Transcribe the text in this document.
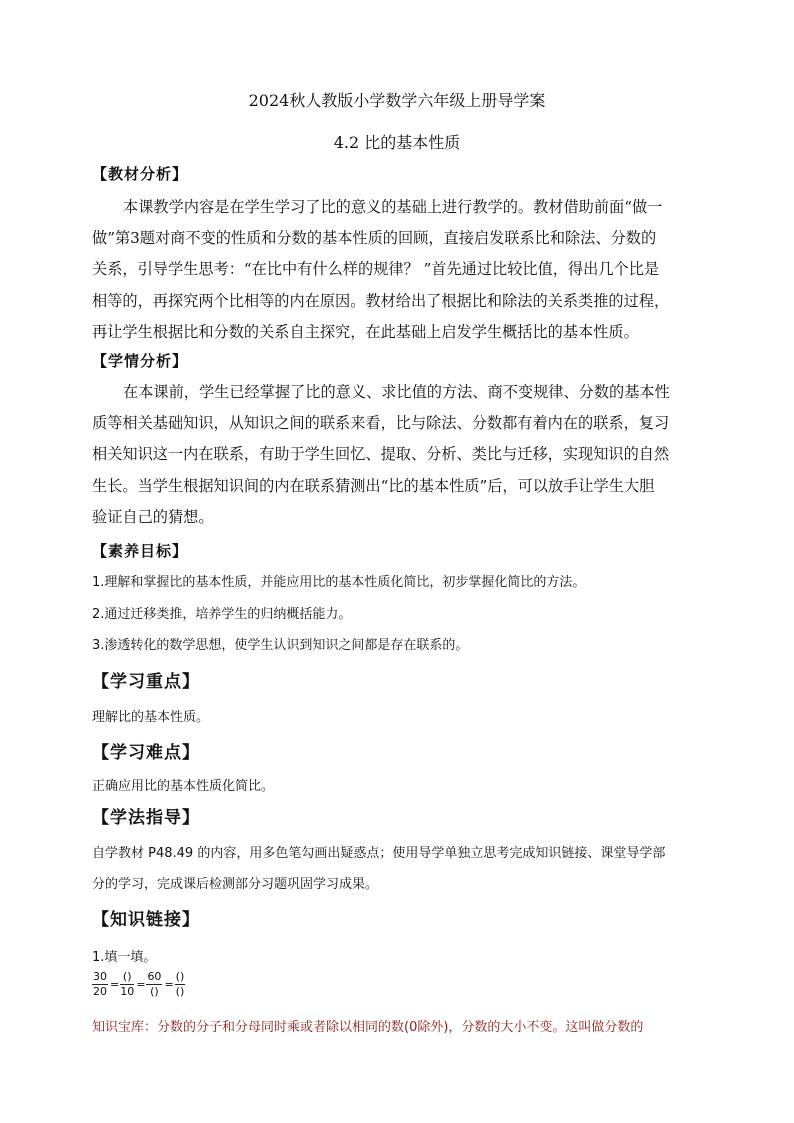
2024秋人教版小学数学六年级上册导学案
4.2 比的基本性质
【教材分析】

本课教学内容是在学生学习了比的意义的基础上进行教学的。教材借助前面“做一

做”第3题对商不变的性质和分数的基本性质的回顾，直接启发联系比和除法、分数的

关系，引导学生思考：“在比中有什么样的规律？ ”首先通过比较比值，得出几个比是

相等的，再探究两个比相等的内在原因。教材给出了根据比和除法的关系类推的过程，

再让学生根据比和分数的关系自主探究，在此基础上启发学生概括比的基本性质。

【学情分析】

在本课前，学生已经掌握了比的意义、求比值的方法、商不变规律、分数的基本性

质等相关基础知识，从知识之间的联系来看，比与除法、分数都有着内在的联系，复习

相关知识这一内在联系，有助于学生回忆、提取、分析、类比与迁移，实现知识的自然

生长。当学生根据知识间的内在联系猜测出“比的基本性质”后，可以放手让学生大胆

验证自己的猜想。

【素养目标】
1.理解和掌握比的基本性质，并能应用比的基本性质化简比，初步掌握化简比的方法。
2.通过迁移类推，培养学生的归纳概括能力。
3.渗透转化的数学思想，使学生认识到知识之间都是存在联系的。
【学习重点】
理解比的基本性质。
【学习难点】
正确应用比的基本性质化简比。
【学法指导】

自学教材 P48.49 的内容，用多色笔勾画出疑惑点；使用导学单独立思考完成知识链接、课堂导学部

分的学习，完成课后检测部分习题巩固学习成果。

【知识链接】
1.填一填。
$\frac{30}{20} = \frac{()}{10} = \frac{60}{()} = \frac{()}{()}$
知识宝库：分数的分子和分母同时乘或者除以相同的数(0除外)，分数的大小不变。这叫做分数的
